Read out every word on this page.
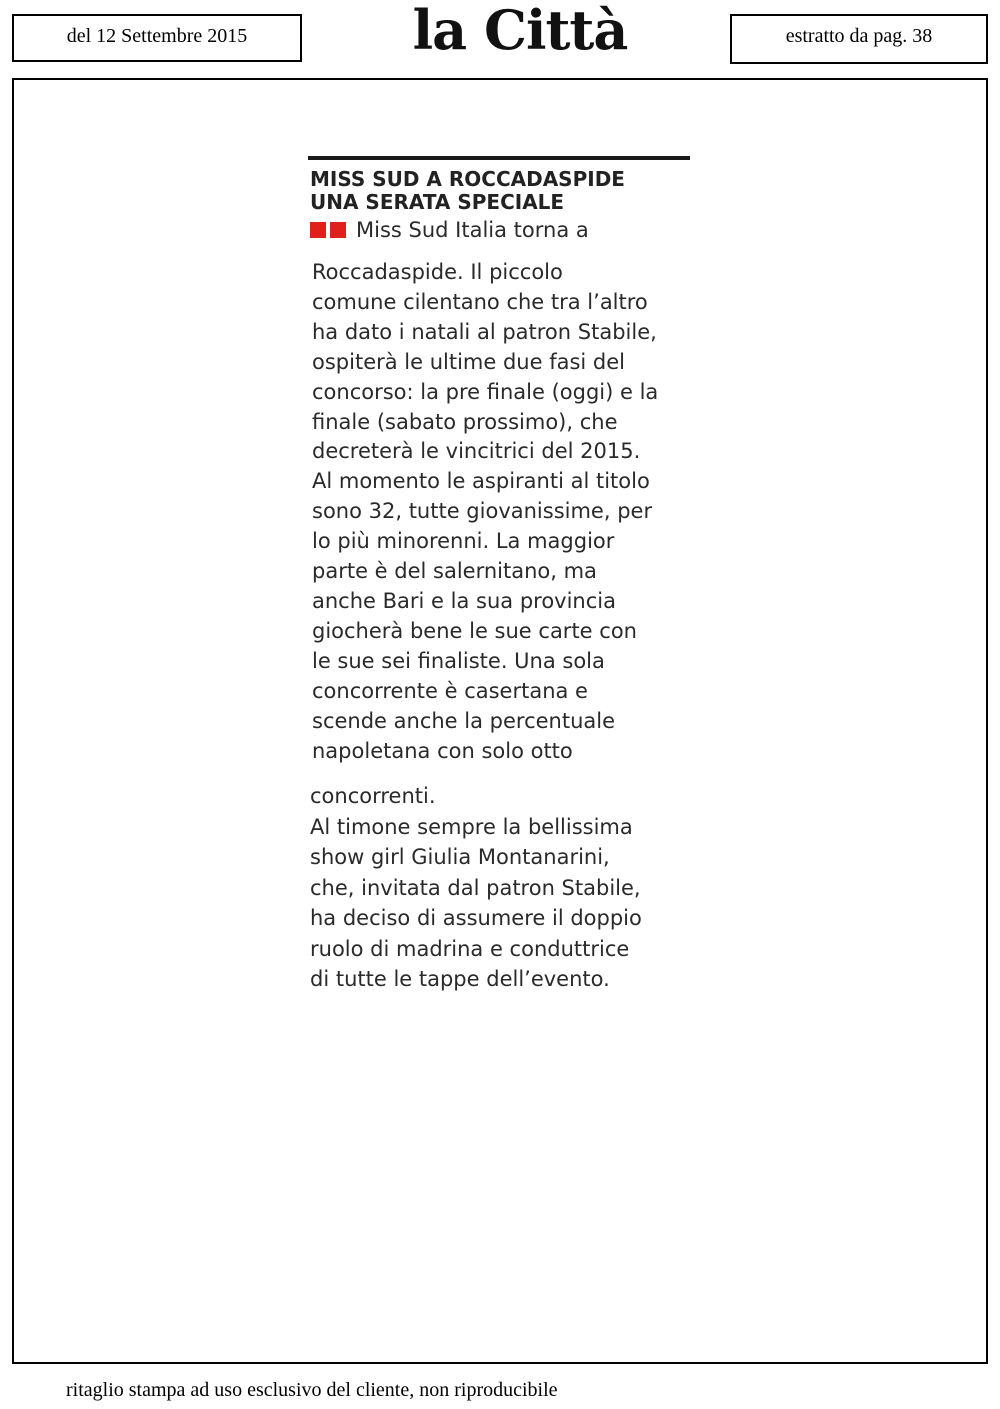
del 12 Settembre 2015	la Città	estratto da pag. 38
MISS SUD A ROCCADASPIDE
UNA SERATA SPECIALE
Miss Sud Italia torna a
Roccadaspide. Il piccolo
comune cilentano che tra l’altro
ha dato i natali al patron Stabile,
ospiterà le ultime due fasi del
concorso: la pre finale (oggi) e la
finale (sabato prossimo), che
decreterà le vincitrici del 2015.
Al momento le aspiranti al titolo
sono 32, tutte giovanissime, per
lo più minorenni. La maggior
parte è del salernitano, ma
anche Bari e la sua provincia
giocherà bene le sue carte con
le sue sei finaliste. Una sola
concorrente è casertana e
scende anche la percentuale
napoletana con solo otto
concorrenti.
Al timone sempre la bellissima
show girl Giulia Montanarini,
che, invitata dal patron Stabile,
ha deciso di assumere il doppio
ruolo di madrina e conduttrice
di tutte le tappe dell’evento.
ritaglio stampa ad uso esclusivo del cliente, non riproducibile
